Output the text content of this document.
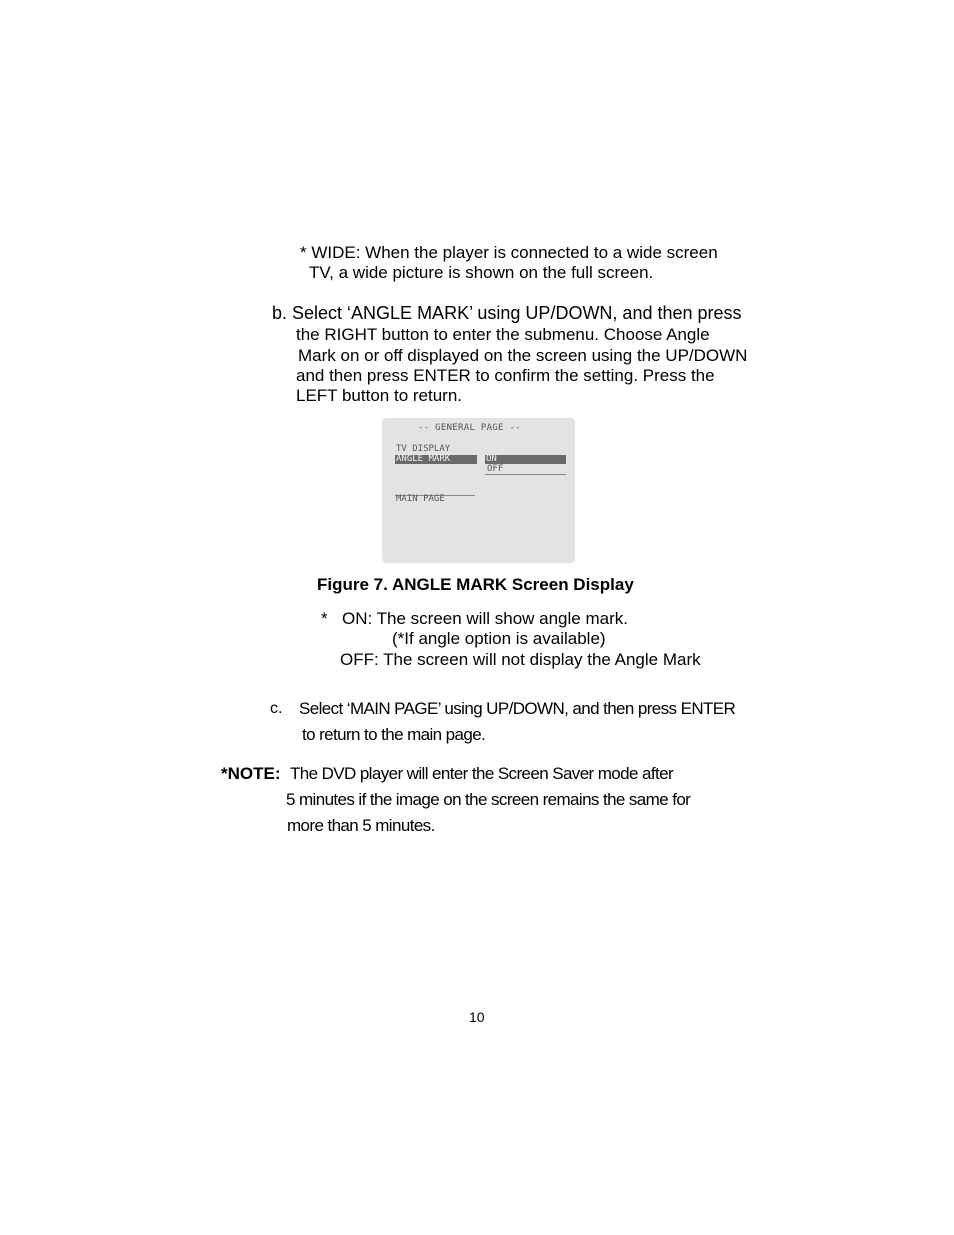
* WIDE: When the player is connected to a wide screen
TV, a wide picture is shown on the full screen.
b. Select ‘ANGLE MARK’ using UP/DOWN, and then press
the RIGHT button to enter the submenu. Choose Angle
Mark on or off displayed on the screen using the UP/DOWN
and then press ENTER to confirm the setting. Press the
LEFT button to return.
-- GENERAL PAGE --
TV DISPLAY
ANGLE MARK	ON
OFF
MAIN PAGE
Figure 7. ANGLE MARK Screen Display
* ON: The screen will show angle mark.
(*If angle option is available)
OFF: The screen will not display the Angle Mark
c. Select ‘MAIN PAGE’ using UP/DOWN, and then press ENTER
to return to the main page.
*NOTE: The DVD player will enter the Screen Saver mode after
5 minutes if the image on the screen remains the same for
more than 5 minutes.
10
